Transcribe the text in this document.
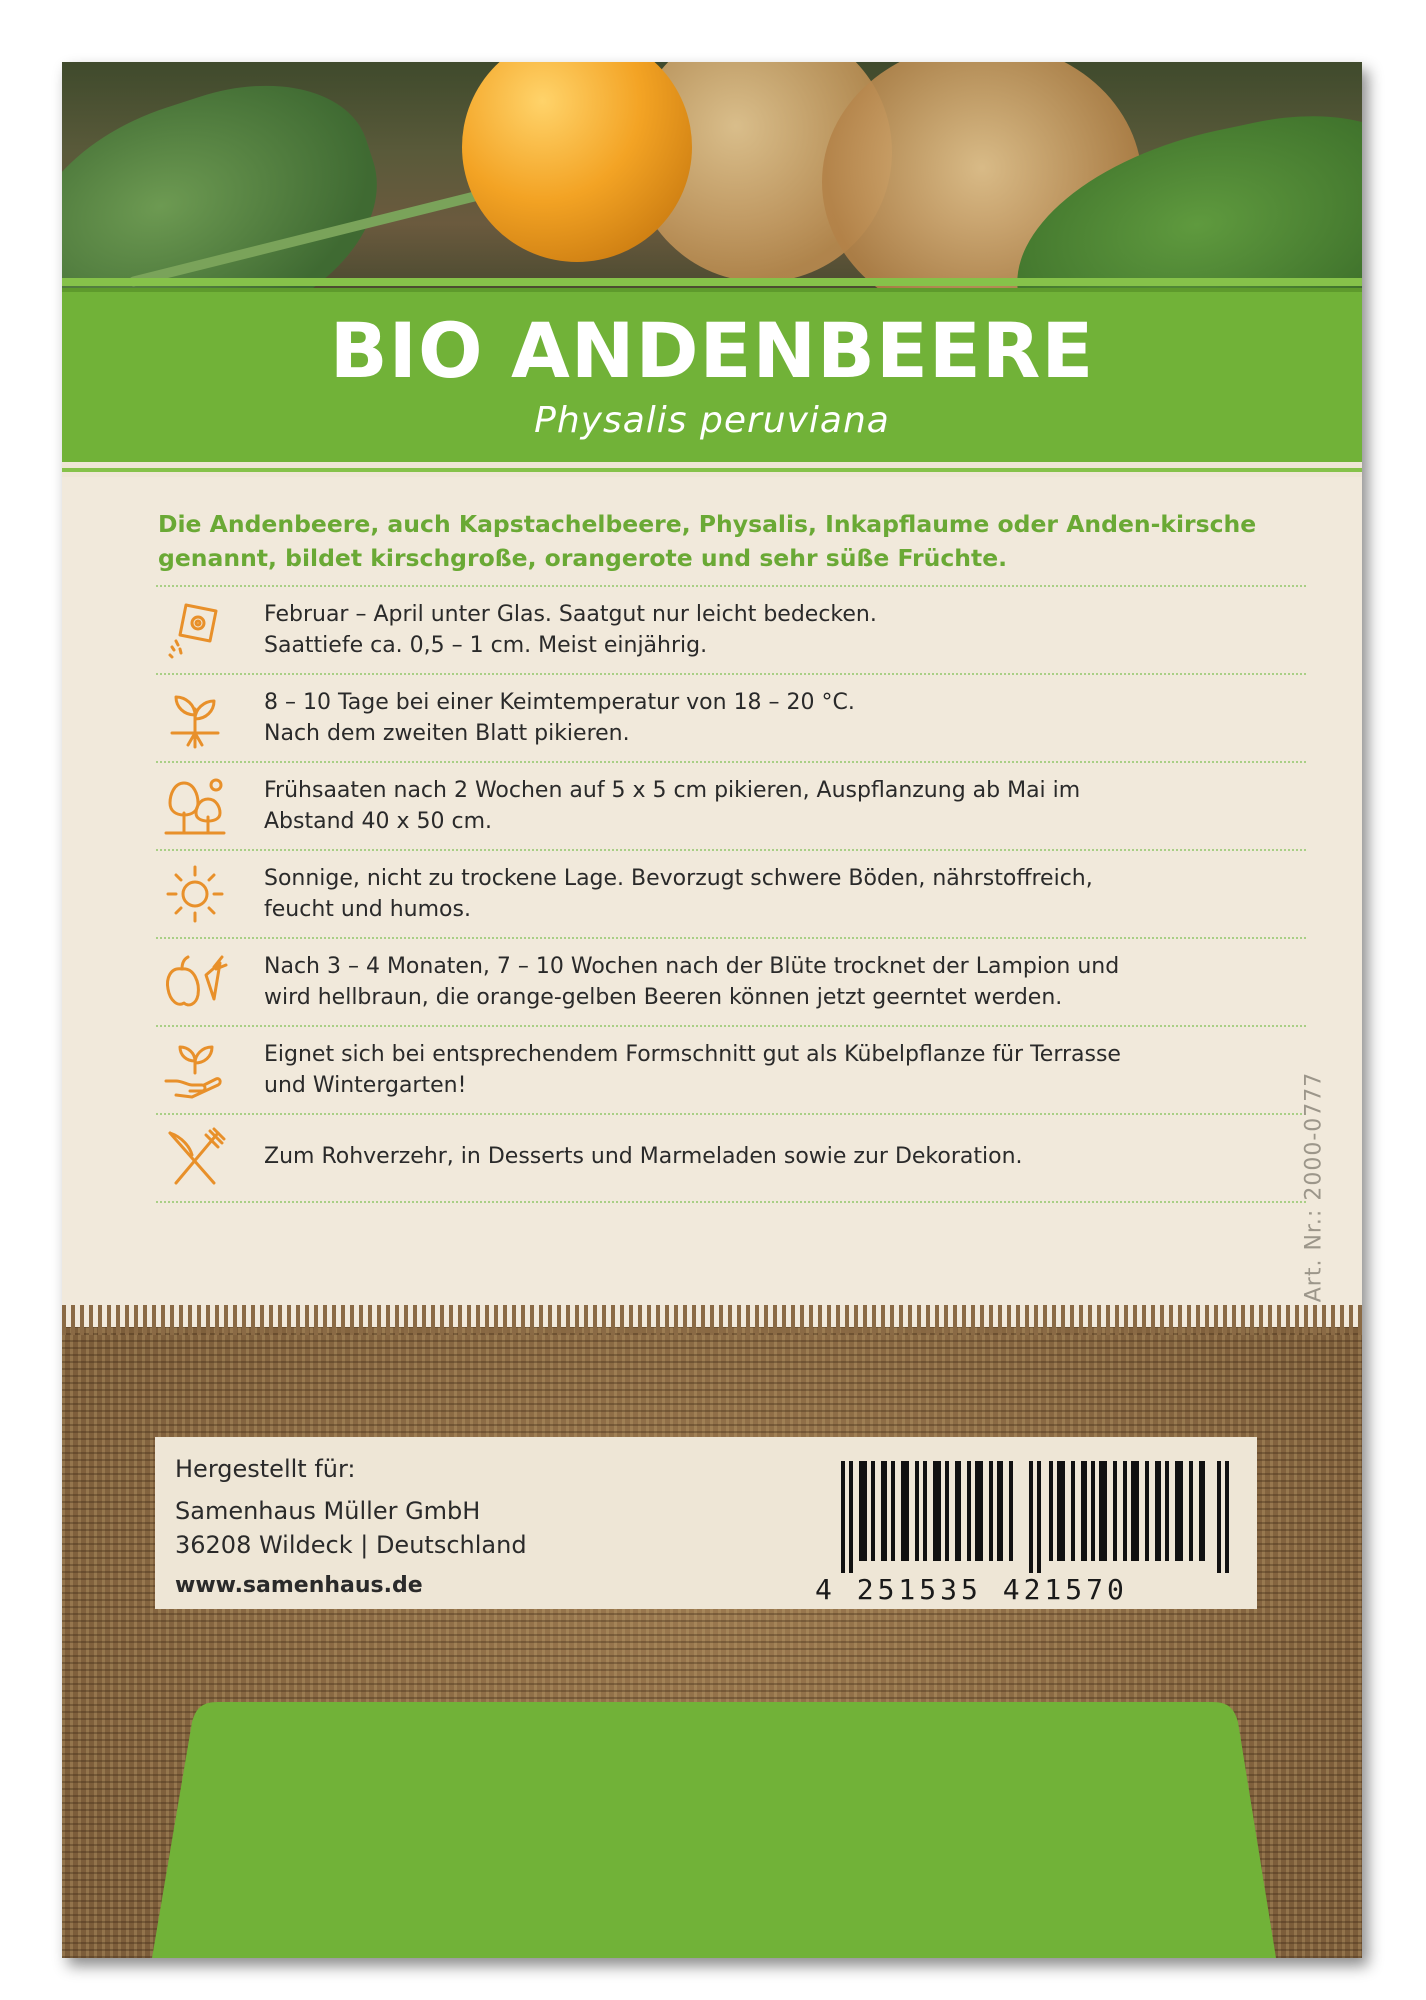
BIO ANDENBEERE
Physalis peruviana
Die Andenbeere, auch Kapstachelbeere, Physalis, Inkapflaume oder Anden-kirsche genannt, bildet kirschgroße, orangerote und sehr süße Früchte.
Februar – April unter Glas. Saatgut nur leicht bedecken.
Saattiefe ca. 0,5 – 1 cm. Meist einjährig.
8 – 10 Tage bei einer Keimtemperatur von 18 – 20 °C.
Nach dem zweiten Blatt pikieren.
Frühsaaten nach 2 Wochen auf 5 x 5 cm pikieren, Auspflanzung ab Mai im
Abstand 40 x 50 cm.
Sonnige, nicht zu trockene Lage. Bevorzugt schwere Böden, nährstoffreich,
feucht und humos.
Nach 3 – 4 Monaten, 7 – 10 Wochen nach der Blüte trocknet der Lampion und
wird hellbraun, die orange-gelben Beeren können jetzt geerntet werden.
Eignet sich bei entsprechendem Formschnitt gut als Kübelpflanze für Terrasse
und Wintergarten!
Zum Rohverzehr, in Desserts und Marmeladen sowie zur Dekoration.	Art. Nr.: 2000-0777
Hergestellt für:
Samenhaus Müller GmbH
36208 Wildeck | Deutschland
www.samenhaus.de	4 251535 421570
